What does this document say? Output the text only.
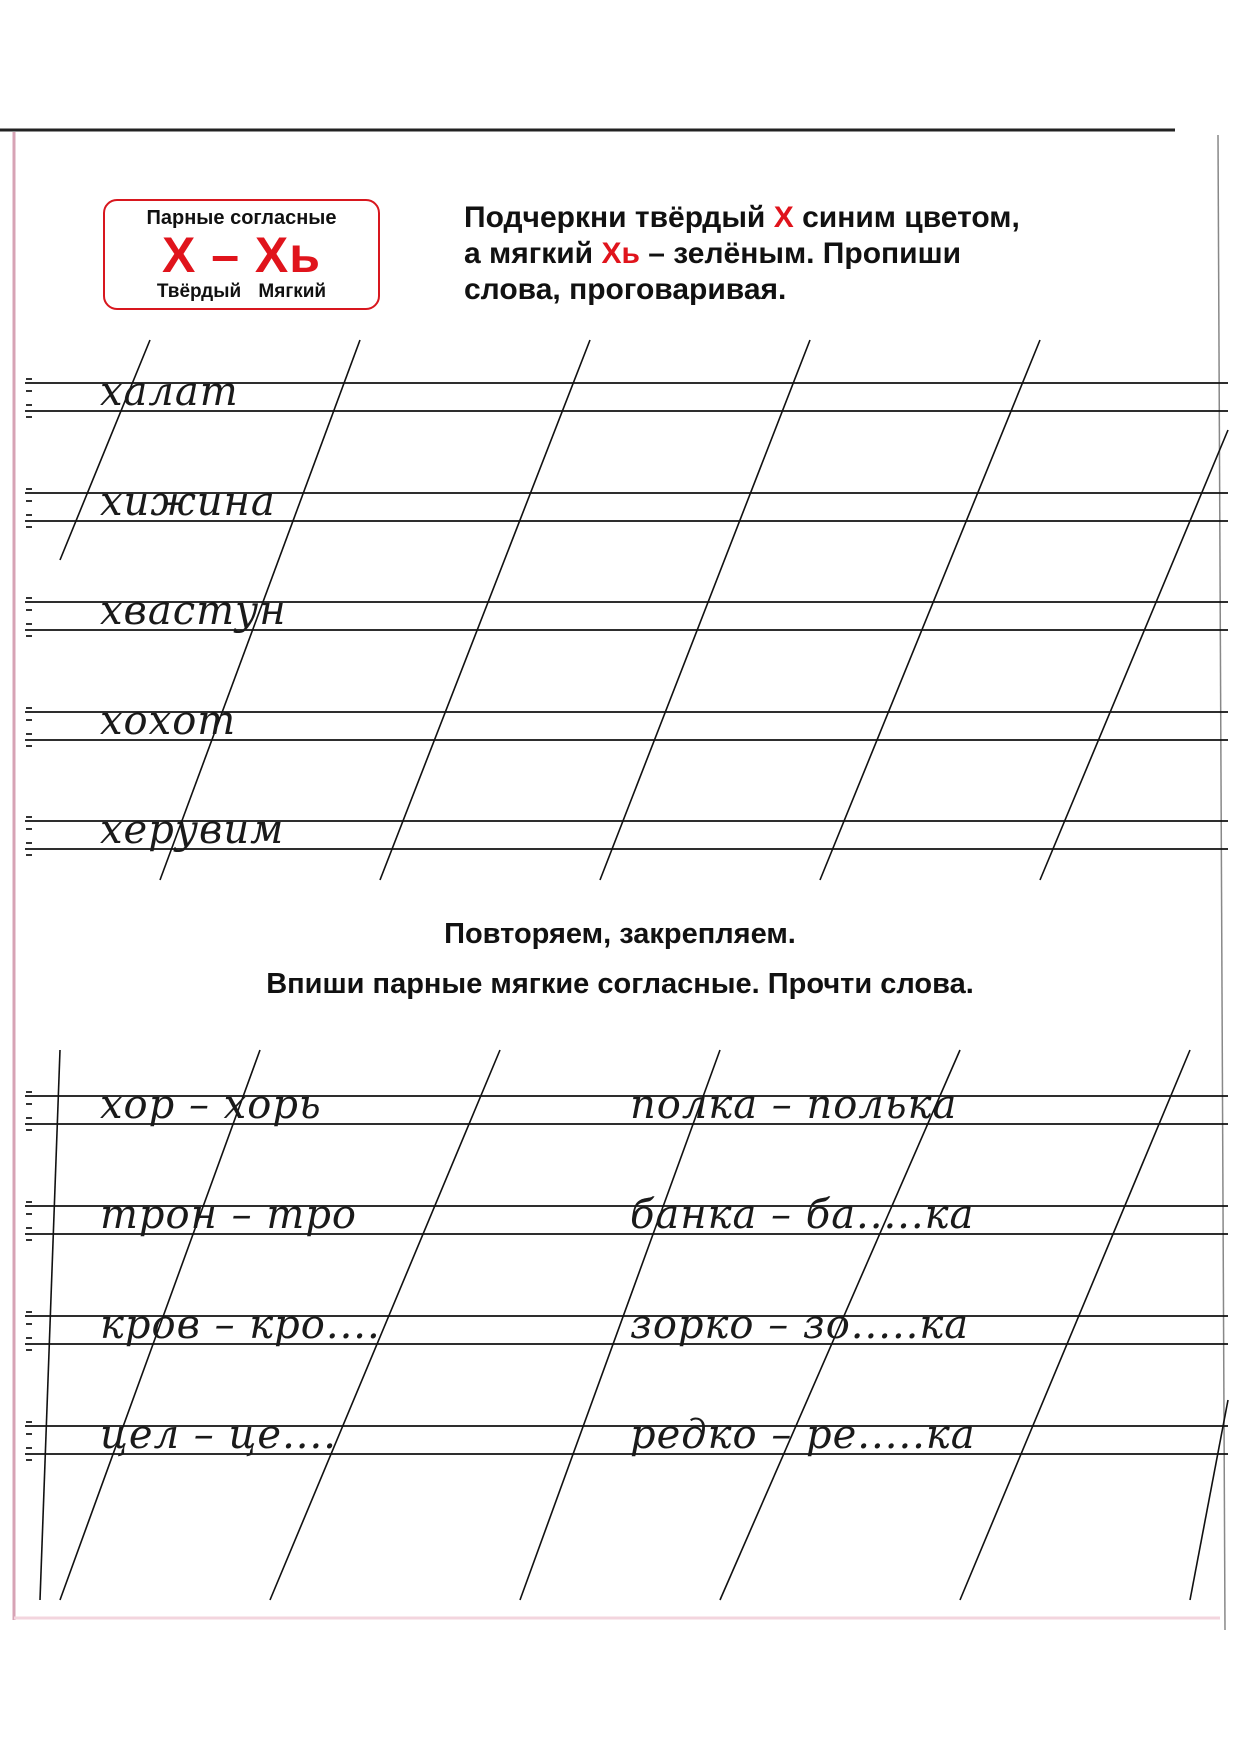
Парные согласные
Х – Хь
Твёрдый Мягкий
Подчеркни твёрдый Х синим цветом,
а мягкий Хь – зелёным. Пропиши
слова, проговаривая.
халат
хижина
хвастун
хохот
херувим
Повторяем, закрепляем.
Впиши парные мягкие согласные. Прочти слова.
хор – хорь
трон – тро
кров – кро....
цел – це....
полка – полька
банка – ба.....ка
зорко – зо.....ка
редко – ре.....ка
